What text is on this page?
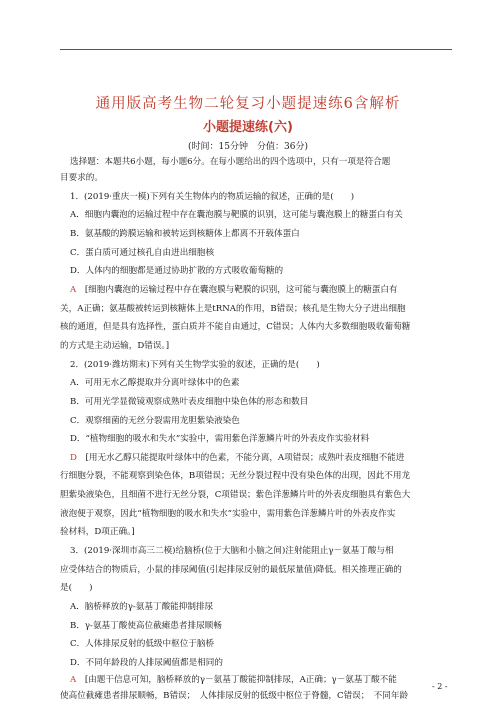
通用版高考生物二轮复习小题提速练6含解析
小题提速练(六)
(时间：15分钟　分值：36分)
选择题：本题共6小题，每小题6分。在每小题给出的四个选项中，只有一项是符合题
目要求的。
1．(2019·重庆一模)下列有关生物体内的物质运输的叙述，正确的是(　　)
A．细胞内囊泡的运输过程中存在囊泡膜与靶膜的识别，这可能与囊泡膜上的糖蛋白有关
B．氨基酸的跨膜运输和被转运到核糖体上都离不开载体蛋白
C．蛋白质可通过核孔自由进出细胞核
D．人体内的细胞都是通过协助扩散的方式吸收葡萄糖的
A　 [细胞内囊泡的运输过程中存在囊泡膜与靶膜的识别，这可能与囊泡膜上的糖蛋白有
关，A正确；氨基酸被转运到核糖体上是tRNA的作用，B错误；核孔是生物大分子进出细胞
核的通道，但是具有选择性，蛋白质并不能自由通过，C错误；人体内大多数细胞吸收葡萄糖
的方式是主动运输，D错误。]
2．(2019·潍坊期末)下列有关生物学实验的叙述，正确的是(　　)
A．可用无水乙醇提取并分离叶绿体中的色素
B．可用光学显微镜观察成熟叶表皮细胞中染色体的形态和数目
C．观察细菌的无丝分裂需用龙胆紫染液染色
D．“植物细胞的吸水和失水”实验中，需用紫色洋葱鳞片叶的外表皮作实验材料
D　 [用无水乙醇只能提取叶绿体中的色素，不能分离，A项错误；成熟叶表皮细胞不能进
行细胞分裂，不能观察到染色体，B项错误；无丝分裂过程中没有染色体的出现，因此不用龙
胆紫染液染色，且细菌不进行无丝分裂，C项错误；紫色洋葱鳞片叶的外表皮细胞具有紫色大
液泡便于观察，因此“植物细胞的吸水和失水”实验中，需用紫色洋葱鳞片叶的外表皮作实
验材料，D项正确。]
3．(2019·深圳市高三二模)给脑桥(位于大脑和小脑之间)注射能阻止γ－氨基丁酸与相
应受体结合的物质后，小鼠的排尿阈值(引起排尿反射的最低尿量值)降低。相关推理正确的
是(　　)
A．脑桥释放的γ-氨基丁酸能抑制排尿
B．γ-氨基丁酸使高位截瘫患者排尿顺畅
C．人体排尿反射的低级中枢位于脑桥
D．不同年龄段的人排尿阈值都是相同的
A　 [由题干信息可知，脑桥释放的γ－氨基丁酸能抑制排尿，A正确；γ－氨基丁酸不能
使高位截瘫患者排尿顺畅，B错误；　人体排尿反射的低级中枢位于脊髓，C错误；　不同年龄
- 2 -
